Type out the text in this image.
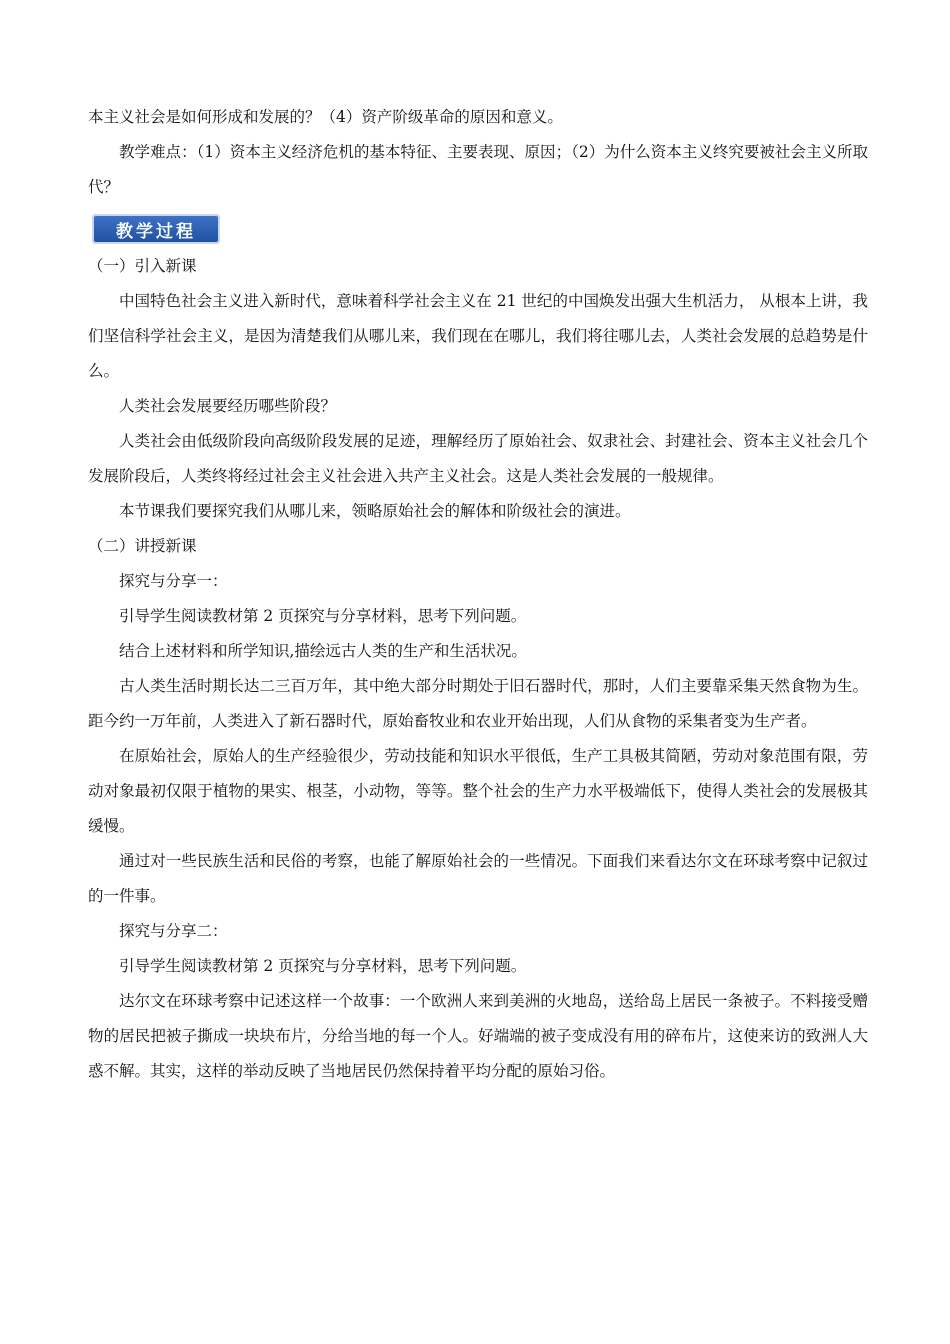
本主义社会是如何形成和发展的？（4）资产阶级革命的原因和意义。

教学难点：（1）资本主义经济危机的基本特征、主要表现、原因；（2）为什么资本主义终究要被社会主义所取代？

教学过程

（一）引入新课

中国特色社会主义进入新时代，意味着科学社会主义在 21 世纪的中国焕发出强大生机活力， 从根本上讲，我们坚信科学社会主义，是因为清楚我们从哪儿来，我们现在在哪儿，我们将往哪儿去，人类社会发展的总趋势是什么。

人类社会发展要经历哪些阶段？

人类社会由低级阶段向高级阶段发展的足迹，理解经历了原始社会、奴隶社会、封建社会、资本主义社会几个发展阶段后，人类终将经过社会主义社会进入共产主义社会。这是人类社会发展的一般规律。

本节课我们要探究我们从哪儿来，领略原始社会的解体和阶级社会的演进。

（二）讲授新课

探究与分享一：

引导学生阅读教材第 2 页探究与分享材料，思考下列问题。

结合上述材料和所学知识,描绘远古人类的生产和生活状况。

古人类生活时期长达二三百万年，其中绝大部分时期处于旧石器时代，那时，人们主要靠采集天然食物为生。距今约一万年前，人类进入了新石器时代，原始畜牧业和农业开始出现，人们从食物的采集者变为生产者。

在原始社会，原始人的生产经验很少，劳动技能和知识水平很低，生产工具极其简陋，劳动对象范围有限，劳动对象最初仅限于植物的果实、根茎，小动物，等等。整个社会的生产力水平极端低下，使得人类社会的发展极其缓慢。

通过对一些民族生活和民俗的考察，也能了解原始社会的一些情况。下面我们来看达尔文在环球考察中记叙过的一件事。

探究与分享二：

引导学生阅读教材第 2 页探究与分享材料，思考下列问题。

达尔文在环球考察中记述这样一个故事：一个欧洲人来到美洲的火地岛，送给岛上居民一条被子。不料接受赠物的居民把被子撕成一块块布片，分给当地的每一个人。好端端的被子变成没有用的碎布片，这使来访的致洲人大惑不解。其实，这样的举动反映了当地居民仍然保持着平均分配的原始习俗。
